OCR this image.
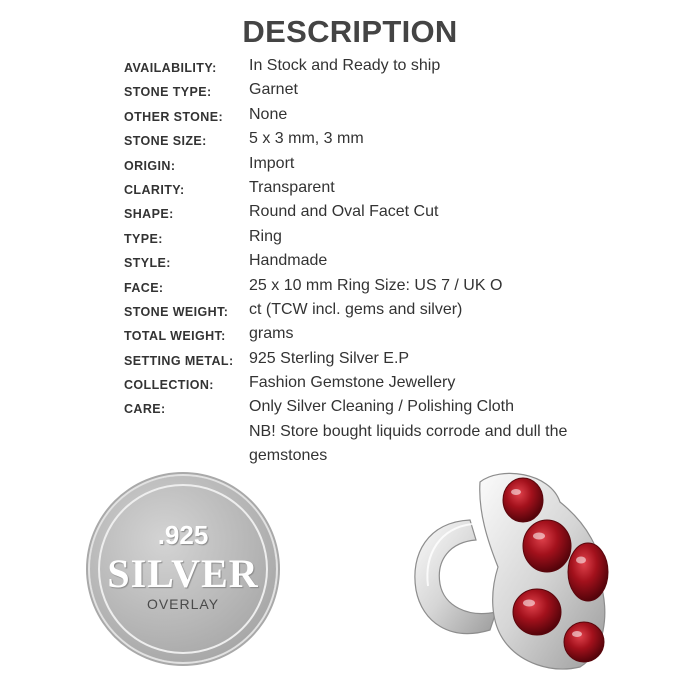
DESCRIPTION
AVAILABILITY: In Stock and Ready to ship
STONE TYPE: Garnet
OTHER STONE: None
STONE SIZE:	5 x 3 mm, 3 mm
ORIGIN:	Import
CLARITY:	Transparent
SHAPE:	Round and Oval Facet Cut
TYPE:	Ring
STYLE:	Handmade
FACE:	25 x 10 mm Ring Size: US 7 / UK O
STONE WEIGHT: ct (TCW incl. gems and silver)
TOTAL WEIGHT: grams
SETTING METAL: 925 Sterling Silver E.P
COLLECTION: Fashion Gemstone Jewellery
CARE:	Only Silver Cleaning / Polishing Cloth
NB! Store bought liquids corrode and dull the gemstones
.925
SILVER
OVERLAY
